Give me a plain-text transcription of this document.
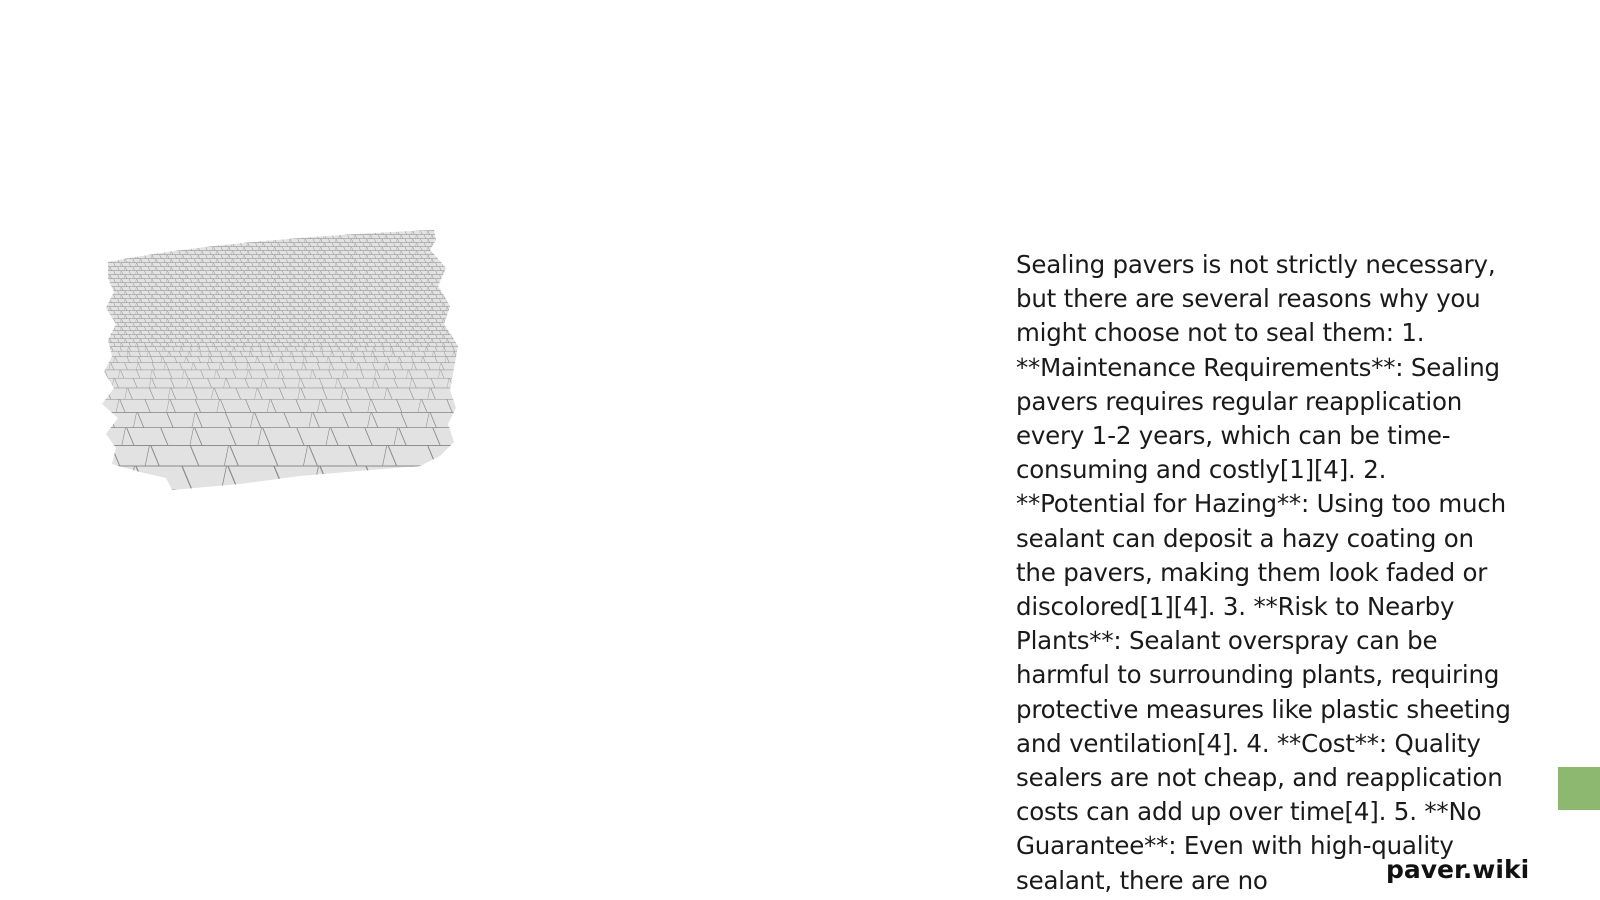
Sealing pavers is not strictly necessary, but there are several reasons why you might choose not to seal them: 1. **Maintenance Requirements**: Sealing pavers requires regular reapplication every 1-2 years, which can be time-consuming and costly[1][4]. 2. **Potential for Hazing**: Using too much sealant can deposit a hazy coating on the pavers, making them look faded or discolored[1][4]. 3. **Risk to Nearby Plants**: Sealant overspray can be harmful to surrounding plants, requiring protective measures like plastic sheeting and ventilation[4]. 4. **Cost**: Quality sealers are not cheap, and reapplication costs can add up over time[4]. 5. **No Guarantee**: Even with high-quality sealant, there are no	paver.wiki
